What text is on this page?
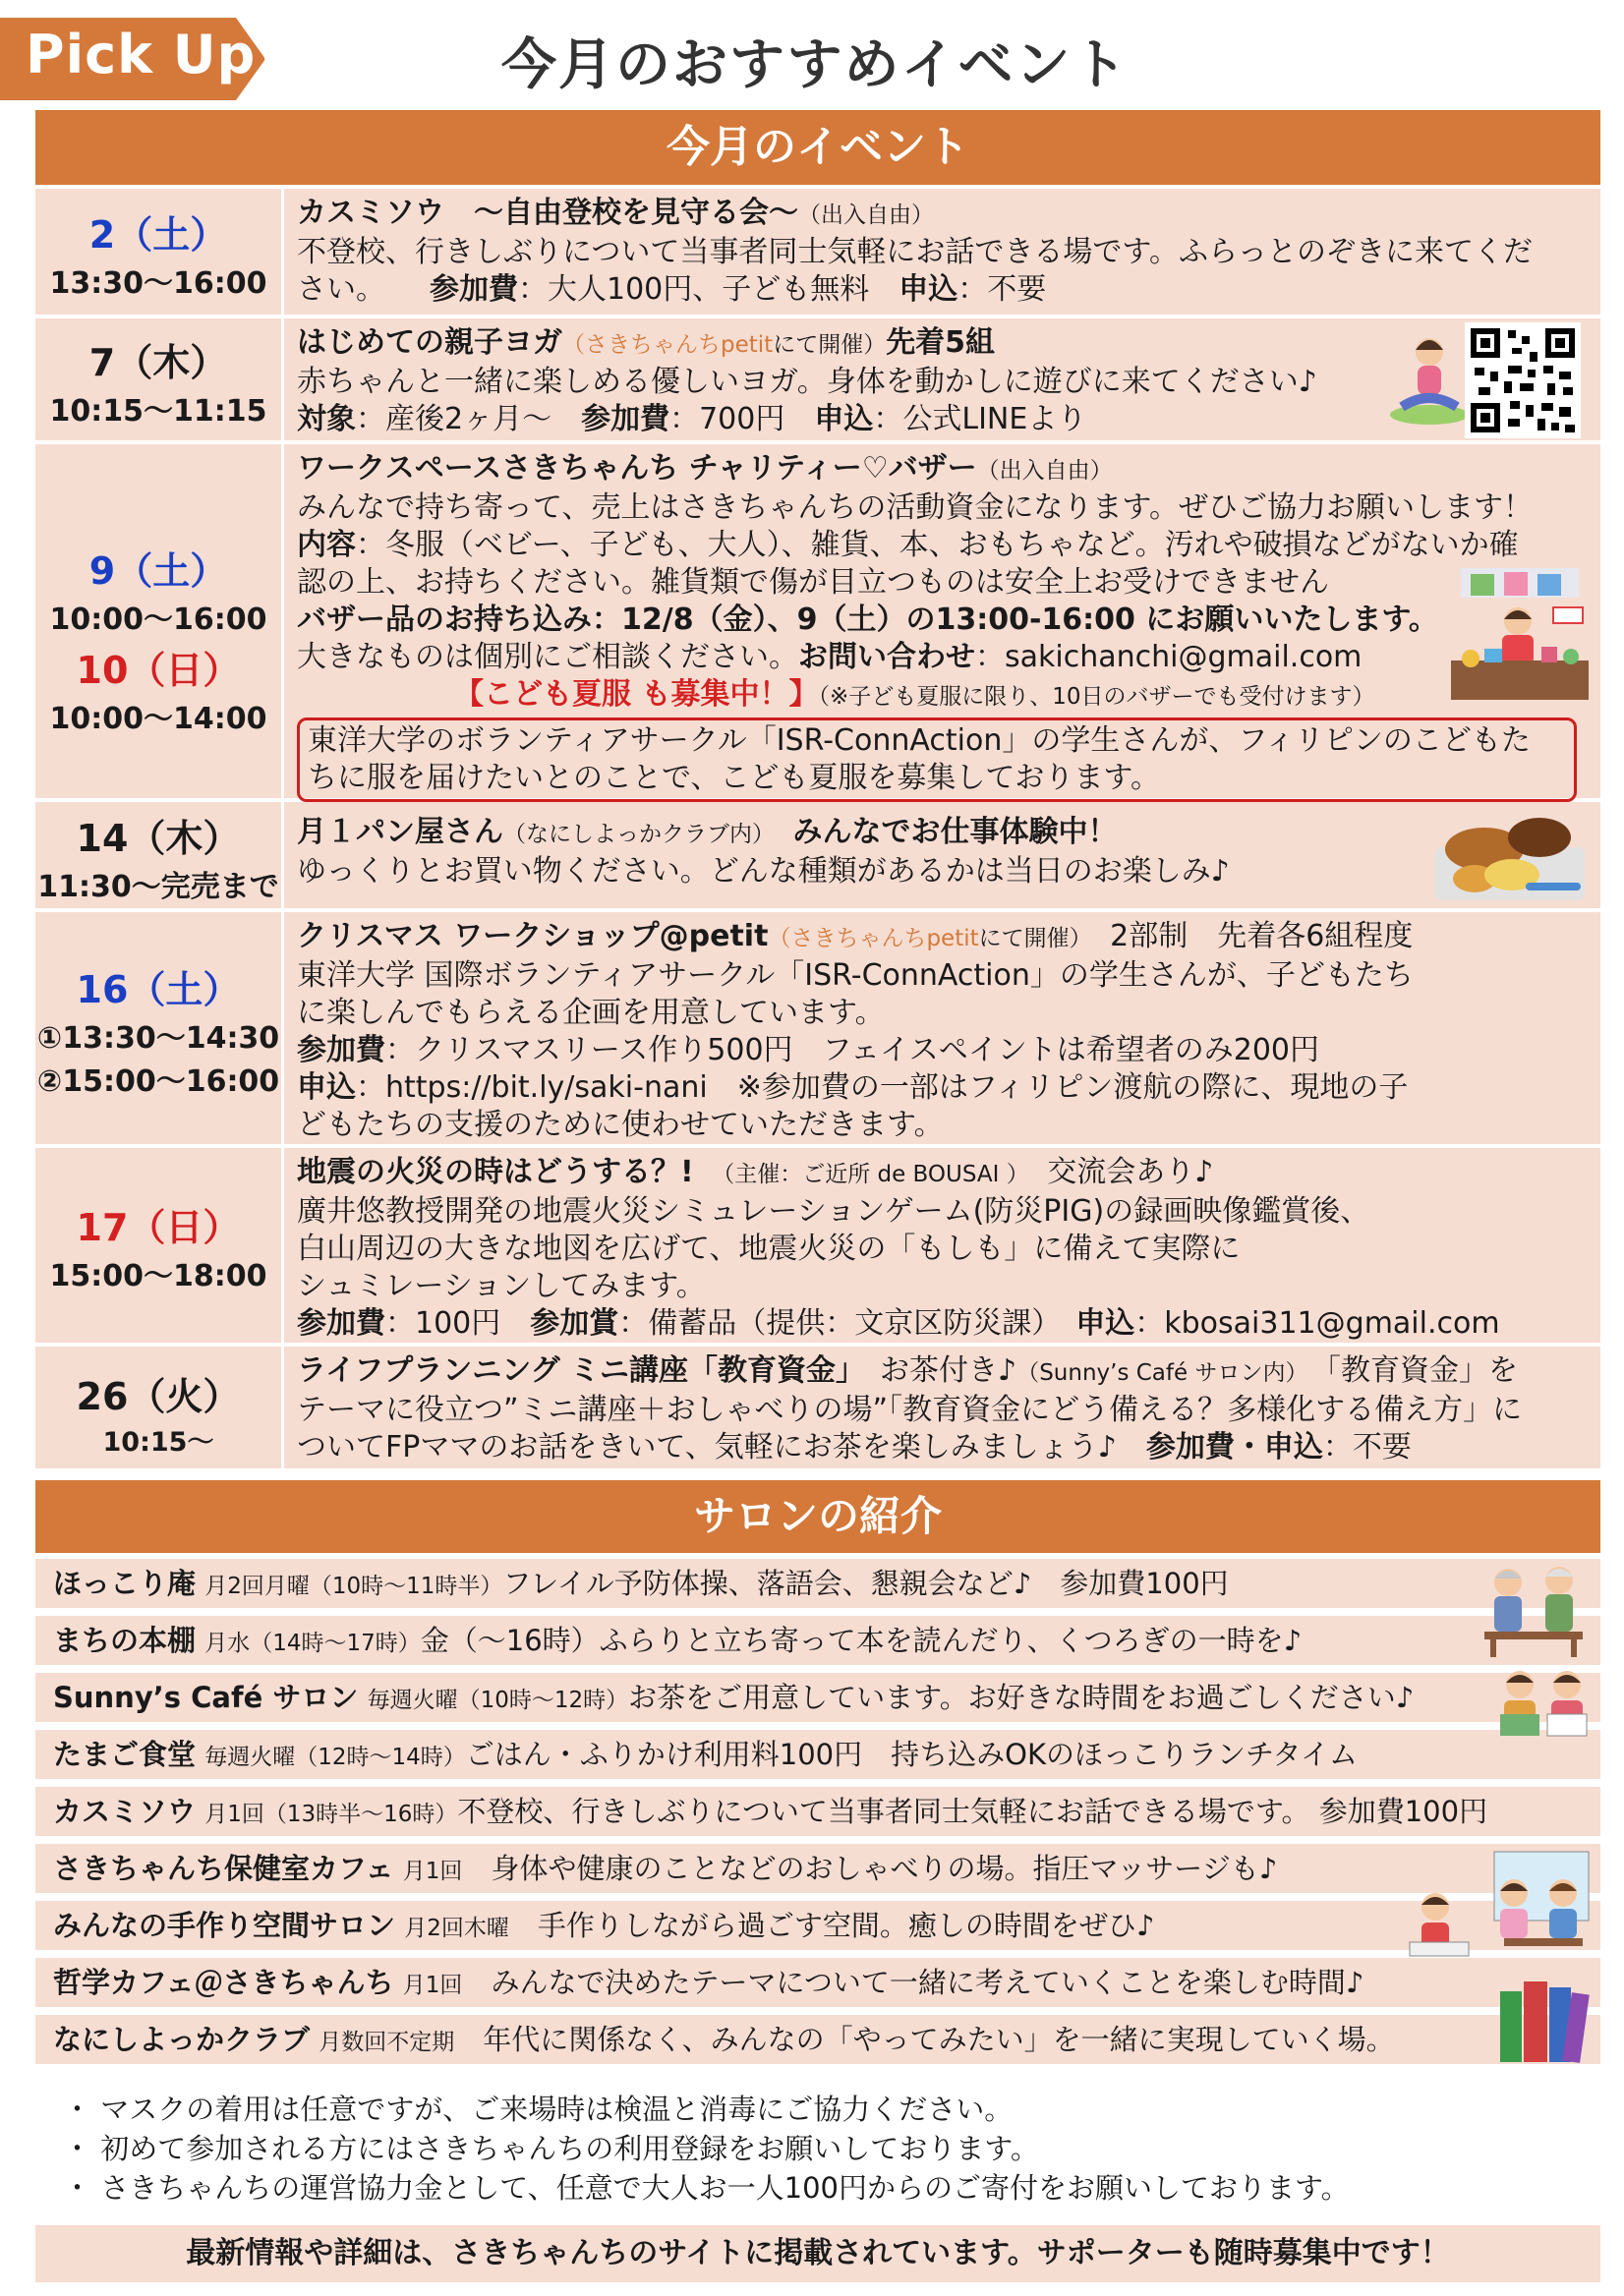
Pick Up!	今月のおすすめイベント
今月のイベント
2（土）
13:30〜16:00
カスミソウ　〜自由登校を見守る会〜（出入自由）
不登校、行きしぶりについて当事者同士気軽にお話できる場です。ふらっとのぞきに来てくだ
さい。　　 参加費：大人100円、子ども無料　 申込：不要
7（木）
10:15〜11:15
はじめての親子ヨガ（さきちゃんちpetitにて開催）先着5組
赤ちゃんと一緒に楽しめる優しいヨガ。身体を動かしに遊びに来てください♪
対象：産後2ヶ月〜　 参加費：700円　 申込：公式LINEより
9（土）
10:00〜16:00
10（日）
10:00〜14:00
ワークスペースさきちゃんち チャリティー♡バザー（出入自由）
みんなで持ち寄って、売上はさきちゃんちの活動資金になります。ぜひご協力お願いします！
内容：冬服（ベビー、子ども、大人）、雑貨、本、おもちゃなど。汚れや破損などがないか確
認の上、お持ちください。雑貨類で傷が目立つものは安全上お受けできません
バザー品のお持ち込み：12/8（金）、9（土）の13:00-16:00 にお願いいたします。
大きなものは個別にご相談ください。お問い合わせ：sakichanchi@gmail.com
【こども夏服 も募集中！】（※子ども夏服に限り、10日のバザーでも受付けます）
東洋大学のボランティアサークル「ISR-ConnAction」の学生さんが、フィリピンのこどもた
ちに服を届けたいとのことで、こども夏服を募集しております。
14（木）
11:30〜完売まで
月１パン屋さん（なにしよっかクラブ内）　 みんなでお仕事体験中！
ゆっくりとお買い物ください。どんな種類があるかは当日のお楽しみ♪
16（土）
①13:30〜14:30
②15:00〜16:00
クリスマス ワークショップ@petit（さきちゃんちpetitにて開催）　 2部制　先着各6組程度
東洋大学 国際ボランティアサークル「ISR-ConnAction」の学生さんが、子どもたち
に楽しんでもらえる企画を用意しています。
参加費：クリスマスリース作り500円　フェイスペイントは希望者のみ200円
申込：https://bit.ly/saki-nani　※参加費の一部はフィリピン渡航の際に、現地の子
どもたちの支援のために使わせていただきます。
17（日）
15:00〜18:00
地震の火災の時はどうする？!　 （主催：ご近所 de BOUSAI ）　 交流会あり♪
廣井悠教授開発の地震火災シミュレーションゲーム(防災PIG)の録画映像鑑賞後、
白山周辺の大きな地図を広げて、地震火災の「もしも」に備えて実際に
シュミレーションしてみます。
参加費：100円　 参加賞：備蓄品（提供：文京区防災課）　 申込：kbosai311@gmail.com
26（火）
10:15〜
ライフプランニング ミニ講座「教育資金」　 お茶付き♪（Sunny’s Café サロン内）　 「教育資金」を
テーマに役立つ”ミニ講座＋おしゃべりの場”「教育資金にどう備える？多様化する備え方」に
ついてFPママのお話をきいて、気軽にお茶を楽しみましょう♪　 参加費・申込：不要
サロンの紹介
ほっこり庵 月2回月曜（10時〜11時半）フレイル予防体操、落語会、懇親会など♪　参加費100円
まちの本棚 月水（14時〜17時）金（〜16時）ふらりと立ち寄って本を読んだり、くつろぎの一時を♪
Sunny’s Café サロン 毎週火曜（10時〜12時）お茶をご用意しています。お好きな時間をお過ごしください♪
たまご食堂 毎週火曜（12時〜14時）ごはん・ふりかけ利用料100円　持ち込みOKのほっこりランチタイム
カスミソウ 月1回（13時半〜16時）不登校、行きしぶりについて当事者同士気軽にお話できる場です。 参加費100円
さきちゃんち保健室カフェ 月1回　 身体や健康のことなどのおしゃべりの場。指圧マッサージも♪
みんなの手作り空間サロン 月2回木曜　 手作りしながら過ごす空間。癒しの時間をぜひ♪
哲学カフェ＠さきちゃんち 月1回　 みんなで決めたテーマについて一緒に考えていくことを楽しむ時間♪
なにしよっかクラブ 月数回不定期　 年代に関係なく、みんなの「やってみたい」を一緒に実現していく場。
・ マスクの着用は任意ですが、ご来場時は検温と消毒にご協力ください。
・ 初めて参加される方にはさきちゃんちの利用登録をお願いしております。
・ さきちゃんちの運営協力金として、任意で大人お一人100円からのご寄付をお願いしております。
最新情報や詳細は、さきちゃんちのサイトに掲載されています。サポーターも随時募集中です！
